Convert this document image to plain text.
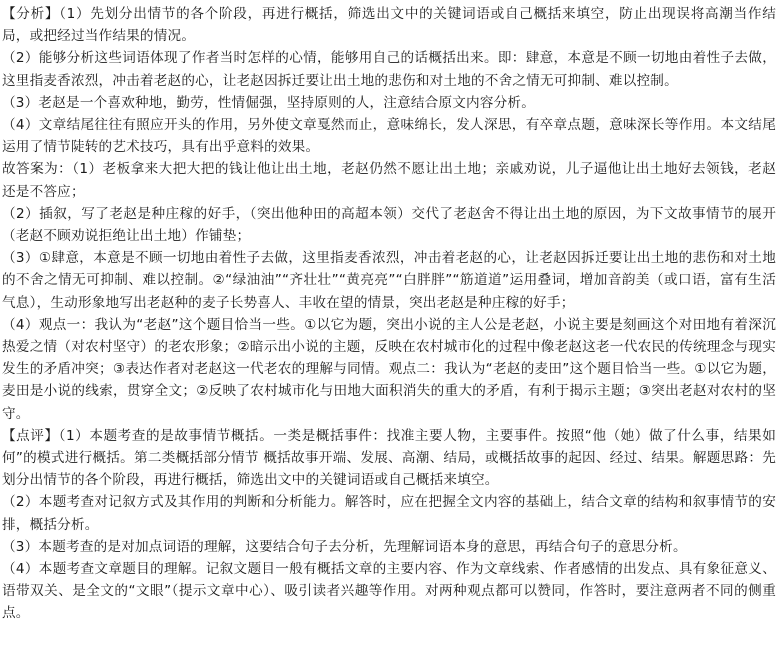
【分析】（1）先划分出情节的各个阶段，再进行概括，筛选出文中的关键词语或自己概括来填空，防止出现误将高潮当作结局，或把经过当作结果的情况。

（2）能够分析这些词语体现了作者当时怎样的心情，能够用自己的话概括出来。即：肆意，本意是不顾一切地由着性子去做，这里指麦香浓烈，冲击着老赵的心，让老赵因拆迁要让出土地的悲伤和对土地的不舍之情无可抑制、难以控制。

（3）老赵是一个喜欢种地，勤劳，性情倔强，坚持原则的人，注意结合原文内容分析。

（4）文章结尾往往有照应开头的作用，另外使文章戛然而止，意味绵长，发人深思，有卒章点题，意味深长等作用。本文结尾运用了情节陡转的艺术技巧，具有出乎意料的效果。

故答案为：（1）老板拿来大把大把的钱让他让出土地，老赵仍然不愿让出土地；亲戚劝说，儿子逼他让出土地好去领钱，老赵还是不答应；

（2）插叙，写了老赵是种庄稼的好手，（突出他种田的高超本领）交代了老赵舍不得让出土地的原因，为下文故事情节的展开（老赵不顾劝说拒绝让出土地）作铺垫；

（3）①肆意，本意是不顾一切地由着性子去做，这里指麦香浓烈，冲击着老赵的心，让老赵因拆迁要让出土地的悲伤和对土地的不舍之情无可抑制、难以控制。②“绿油油”“齐壮壮”“黄亮亮”“白胖胖”“筋道道”运用叠词，增加音韵美（或口语，富有生活气息），生动形象地写出老赵种的麦子长势喜人、丰收在望的情景，突出老赵是种庄稼的好手；

（4）观点一：我认为“老赵”这个题目恰当一些。①以它为题，突出小说的主人公是老赵，小说主要是刻画这个对田地有着深沉热爱之情（对农村坚守）的老农形象；②暗示出小说的主题，反映在农村城市化的过程中像老赵这老一代农民的传统理念与现实发生的矛盾冲突；③表达作者对老赵这一代老农的理解与同情。观点二：我认为“老赵的麦田”这个题目恰当一些。①以它为题，麦田是小说的线索，贯穿全文；②反映了农村城市化与田地大面积消失的重大的矛盾，有利于揭示主题；③突出老赵对农村的坚守。

【点评】（1）本题考查的是故事情节概括。一类是概括事件：找准主要人物，主要事件。按照“他（她）做了什么事，结果如何”的模式进行概括。第二类概括部分情节 概括故事开端、发展、高潮、结局，或概括故事的起因、经过、结果。解题思路：先划分出情节的各个阶段，再进行概括，筛选出文中的关键词语或自己概括来填空。

（2）本题考查对记叙方式及其作用的判断和分析能力。解答时，应在把握全文内容的基础上，结合文章的结构和叙事情节的安排，概括分析。

（3）本题考查的是对加点词语的理解，这要结合句子去分析，先理解词语本身的意思，再结合句子的意思分析。

（4）本题考查文章题目的理解。记叙文题目一般有概括文章的主要内容、作为文章线索、作者感情的出发点、具有象征意义、语带双关、是全文的“文眼”（提示文章中心）、吸引读者兴趣等作用。对两种观点都可以赞同，作答时，要注意两者不同的侧重点。
